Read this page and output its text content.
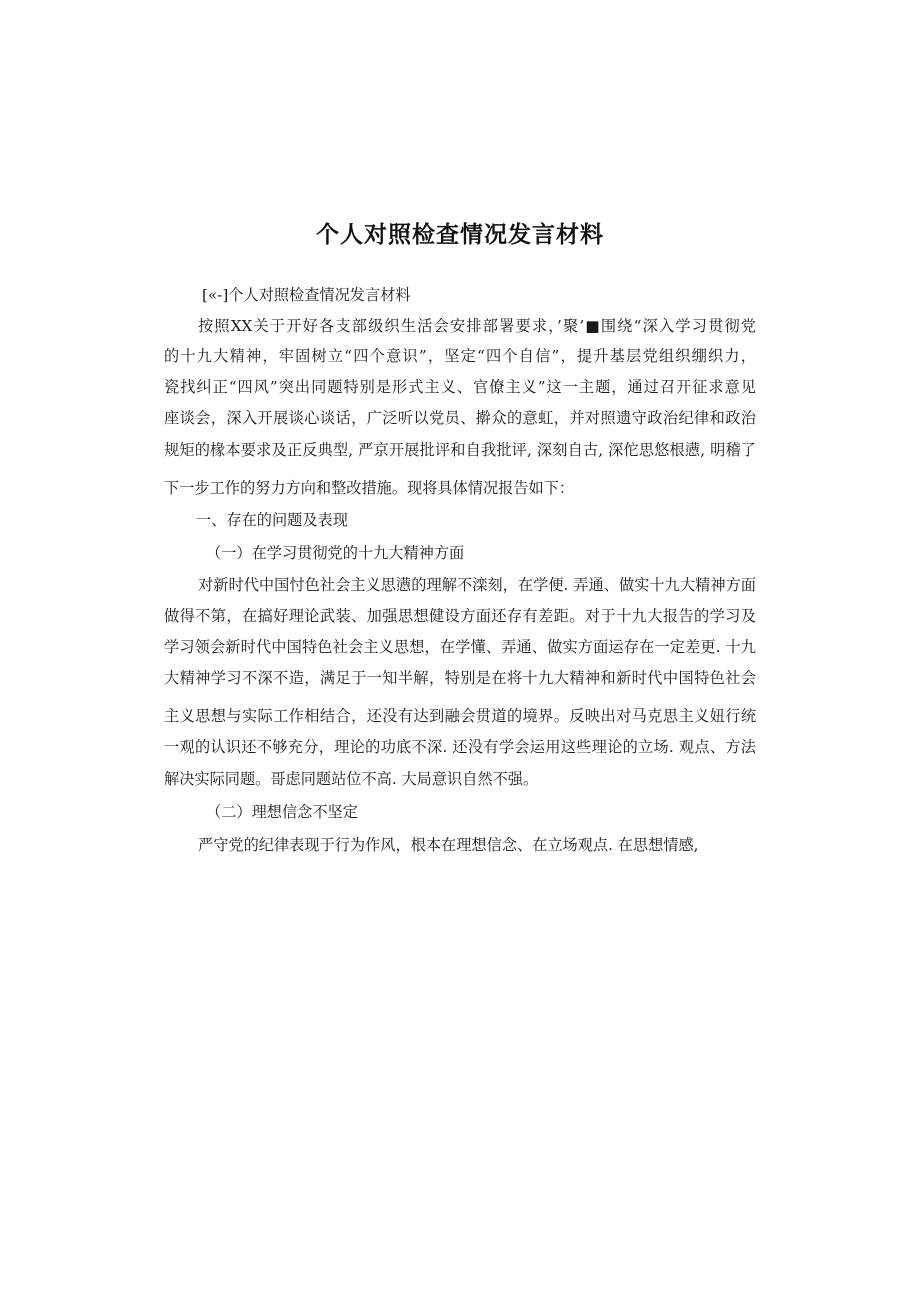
个人对照检查情况发言材料

[«-]个人对照检查情况发言材料

按照XX关于开好各支部级织生活会安排部署要求，’聚’■围绕“深入学习贯彻党

的十九大精神，牢固树立“四个意识”，坚定“四个自信”，提升基层党组织绷织力，

瓷找纠正“四风”突出同题特别是形式主义、官僚主义”这一主题，通过召开征求意见

座谈会，深入开展谈心谈话，广泛听以党员、擀众的意虹，并对照遗守政治纪律和政治

规矩的椽本要求及正反典型, 严京开展批评和自我批评, 深刻自古, 深佗思悠根懑, 明稽了

下一步工作的努力方向和整改措施。现将具体情况报告如下：

一、存在的问题及表现

（一）在学习贯彻党的十九大精神方面

对新时代中国忖色社会主义思懑的理解不滦刻，在学便. 弄通、做实十九大精神方面

做得不第，在搞好理论武装、加强思想健设方面还存有差距。对于十九大报告的学习及

学习领会新时代中国特色社会主义思想，在学懂、弄通、做实方面运存在一定差更. 十九

大精神学习不深不造，满足于一知半解，特别是在将十九大精神和新时代中国特色社会

主义思想与实际工作相结合，还没有达到融会贯道的境界。反映出对马克思主义妞行统

一观的认识还不够充分，理论的功底不深. 还没有学会运用这些理论的立场. 观点、方法

解决实际同题。哥虑同题站位不高. 大局意识自然不强。

（二）理想信念不坚定

严守党的纪律表现于行为作风，根本在理想信念、在立场观点. 在思想情感,
